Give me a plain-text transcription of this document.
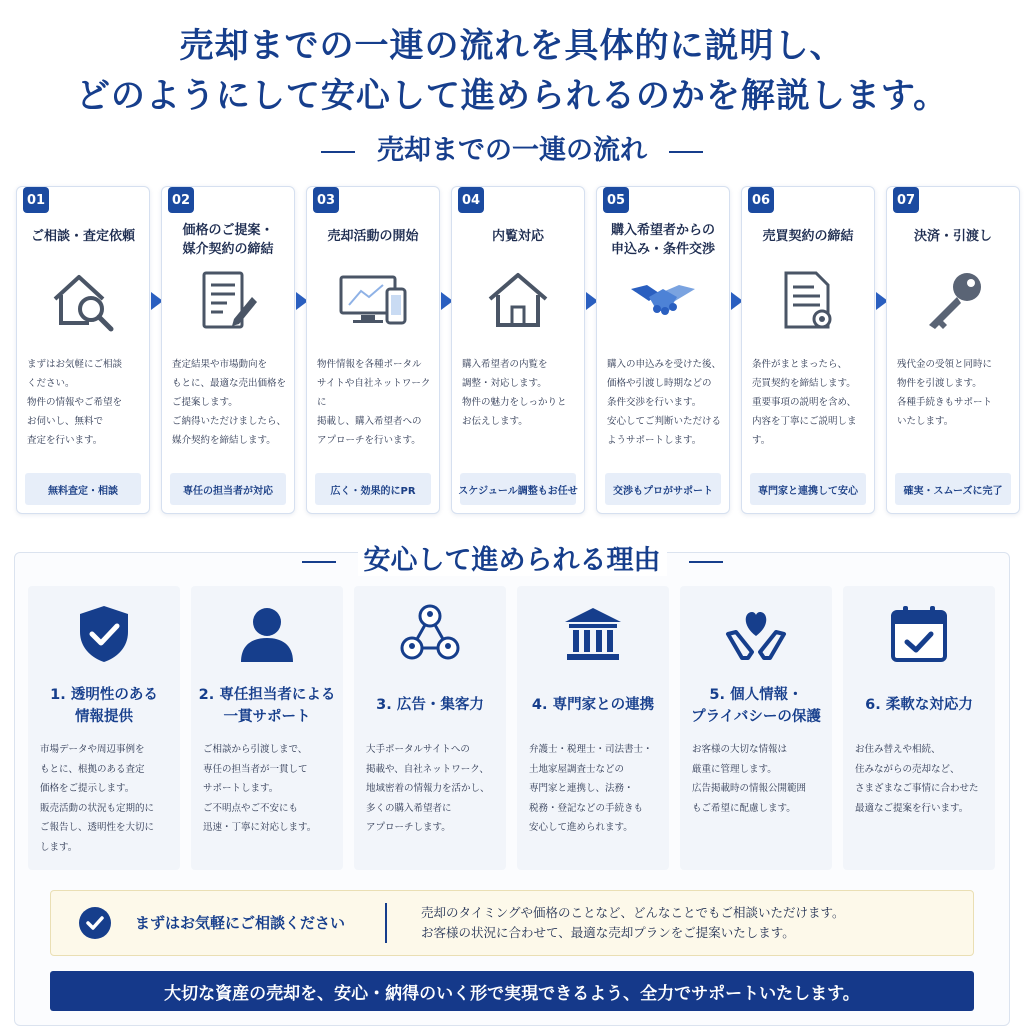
売却までの一連の流れを具体的に説明し、
どのようにして安心して進められるのかを解説します。
売却までの一連の流れ
01
ご相談・査定依頼
まずはお気軽にご相談
ください。
物件の情報やご希望を
お伺いし、無料で
査定を行います。
無料査定・相談
02
価格のご提案・
媒介契約の締結
査定結果や市場動向を
もとに、最適な売出価格を
ご提案します。
ご納得いただけましたら、
媒介契約を締結します。
専任の担当者が対応
03
売却活動の開始
物件情報を各種ポータル
サイトや自社ネットワークに
掲載し、購入希望者への
アプローチを行います。
広く・効果的にPR
04
内覧対応
購入希望者の内覧を
調整・対応します。
物件の魅力をしっかりと
お伝えします。
スケジュール調整もお任せ
05
購入希望者からの
申込み・条件交渉
購入の申込みを受けた後、
価格や引渡し時期などの
条件交渉を行います。
安心してご判断いただける
ようサポートします。
交渉もプロがサポート
06
売買契約の締結
条件がまとまったら、
売買契約を締結します。
重要事項の説明を含め、
内容を丁寧にご説明しま
す。
専門家と連携して安心
07
決済・引渡し
残代金の受領と同時に
物件を引渡します。
各種手続きもサポート
いたします。
確実・スムーズに完了
安心して進められる理由
1. 透明性のある
情報提供
市場データや周辺事例を
もとに、根拠のある査定
価格をご提示します。
販売活動の状況も定期的に
ご報告し、透明性を大切に
します。
2. 専任担当者による
一貫サポート
ご相談から引渡しまで、
専任の担当者が一貫して
サポートします。
ご不明点やご不安にも
迅速・丁寧に対応します。
3. 広告・集客力
大手ポータルサイトへの
掲載や、自社ネットワーク、
地域密着の情報力を活かし、
多くの購入希望者に
アプローチします。
4. 専門家との連携
弁護士・税理士・司法書士・
土地家屋調査士などの
専門家と連携し、法務・
税務・登記などの手続きも
安心して進められます。
5. 個人情報・
プライバシーの保護
お客様の大切な情報は
厳重に管理します。
広告掲載時の情報公開範囲
もご希望に配慮します。
6. 柔軟な対応力
お住み替えや相続、
住みながらの売却など、
さまざまなご事情に合わせた
最適なご提案を行います。
まずはお気軽にご相談ください
売却のタイミングや価格のことなど、どんなことでもご相談いただけます。
お客様の状況に合わせて、最適な売却プランをご提案いたします。
大切な資産の売却を、安心・納得のいく形で実現できるよう、全力でサポートいたします。
